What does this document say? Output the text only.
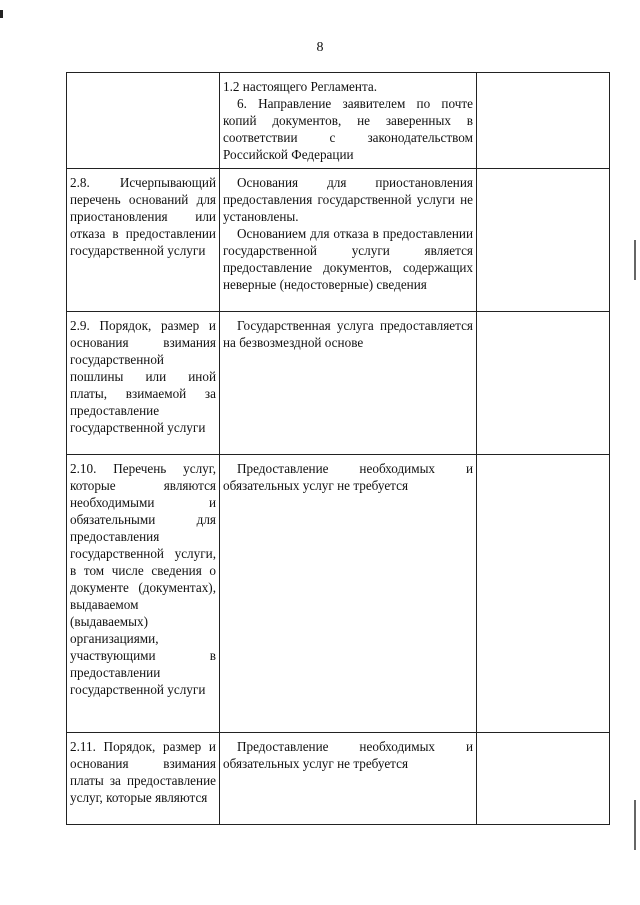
8

	1.2 настоящего Регламента.
6. Направление заявителем по почте копий документов, не заверенных в соответствии с законодательством Российской Федерации	

2.8. Исчерпывающий перечень оснований для приостановления или отказа в предоставлении государственной услуги	Основания для приостановления предоставления государственной услуги не установлены.
Основанием для отказа в предоставлении государственной услуги является предоставление документов, содержащих неверные (недостоверные) сведения	

2.9. Порядок, размер и основания взимания государственной пошлины или иной платы, взимаемой за предоставление государственной услуги	Государственная услуга предоставляется на безвозмездной основе	

2.10. Перечень услуг, которые являются необходимыми и обязательными для предоставления государственной услуги, в том числе сведения о документе (документах), выдаваемом (выдаваемых) организациями, участвующими в предоставлении государственной услуги	Предоставление необходимых и обязательных услуг не требуется	

2.11. Порядок, размер и основания взимания платы за предоставление услуг, которые являются	Предоставление необходимых и обязательных услуг не требуется	
